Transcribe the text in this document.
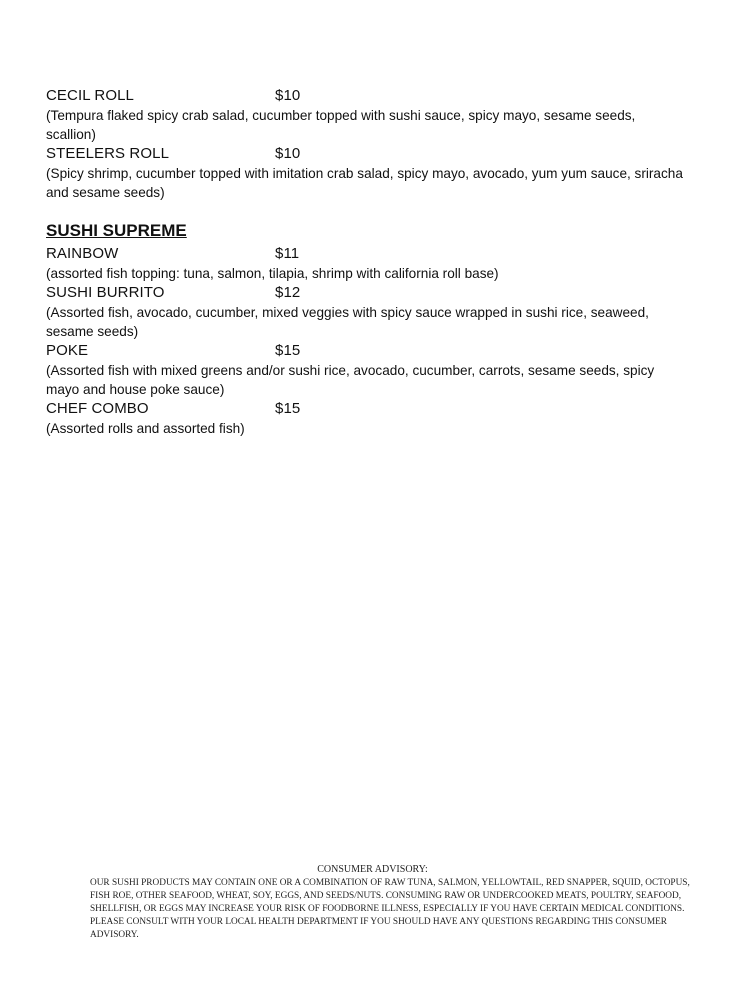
CECIL ROLL	$10
(Tempura flaked spicy crab salad, cucumber topped with sushi sauce, spicy mayo, sesame seeds, scallion)
STEELERS ROLL	$10
(Spicy shrimp, cucumber topped with imitation crab salad, spicy mayo, avocado, yum yum sauce, sriracha and sesame seeds)
SUSHI SUPREME
RAINBOW	$11
(assorted fish topping: tuna, salmon, tilapia, shrimp with california roll base)
SUSHI BURRITO	$12
(Assorted fish, avocado, cucumber, mixed veggies with spicy sauce wrapped in sushi rice, seaweed, sesame seeds)
POKE	$15
(Assorted fish with mixed greens and/or sushi rice, avocado, cucumber, carrots, sesame seeds, spicy mayo and house poke sauce)
CHEF COMBO	$15
(Assorted rolls and assorted fish)
CONSUMER ADVISORY:

OUR SUSHI PRODUCTS MAY CONTAIN ONE OR A COMBINATION OF RAW TUNA, SALMON, YELLOWTAIL, RED SNAPPER, SQUID, OCTOPUS, FISH ROE, OTHER SEAFOOD, WHEAT, SOY, EGGS, AND SEEDS/NUTS. CONSUMING RAW OR UNDERCOOKED MEATS, POULTRY, SEAFOOD, SHELLFISH, OR EGGS MAY INCREASE YOUR RISK OF FOODBORNE ILLNESS, ESPECIALLY IF YOU HAVE CERTAIN MEDICAL CONDITIONS. PLEASE CONSULT WITH YOUR LOCAL HEALTH DEPARTMENT IF YOU SHOULD HAVE ANY QUESTIONS REGARDING THIS CONSUMER ADVISORY.
